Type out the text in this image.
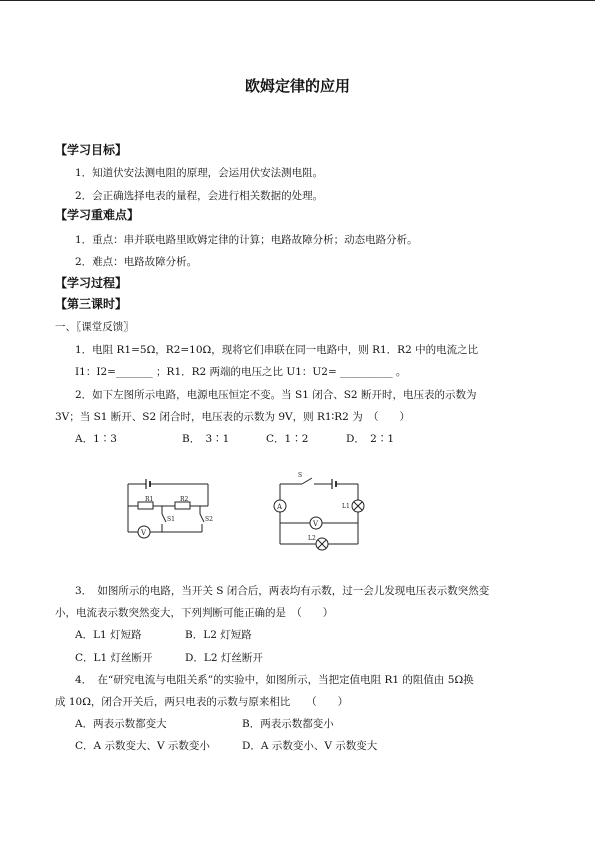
欧姆定律的应用
【学习目标】
1．知道伏安法测电阻的原理，会运用伏安法测电阻。
2．会正确选择电表的量程，会进行相关数据的处理。
【学习重难点】
1．重点：串并联电路里欧姆定律的计算；电路故障分析；动态电路分析。
2．难点：电路故障分析。
【学习过程】
【第三课时】
一、〖课堂反馈〗
1．电阻 R1=5Ω，R2=10Ω，现将它们串联在同一电路中，则 R1．R2 中的电流之比
I1：I2=_______ ；R1．R2 两端的电压之比 U1：U2= __________ 。
2．如下左图所示电路，电源电压恒定不变。当 S1 闭合、S2 断开时，电压表的示数为
3V；当 S1 断开、S2 闭合时，电压表的示数为 9V，则 R1∶R2 为　（　　）
A．1∶3	B．　3∶1	C．1∶2	D．　2∶1
R1	R2
S1	S2
V
S
L1
L2
A
V
3．　如图所示的电路，当开关 S 闭合后，两表均有示数，过一会儿发现电压表示数突然变
小，电流表示数突然变大，下列判断可能正确的是　（　　）
A．L1 灯短路	B．L2 灯短路
C．L1 灯丝断开	D．L2 灯丝断开
4．　在“研究电流与电阻关系”的实验中，如图所示，当把定值电阻 R1 的阻值由 5Ω换
成 10Ω，闭合开关后，两只电表的示数与原来相比　　（　　）
A．两表示数都变大	B．两表示数都变小
C．A 示数变大、V 示数变小	D．A 示数变小、V 示数变大
